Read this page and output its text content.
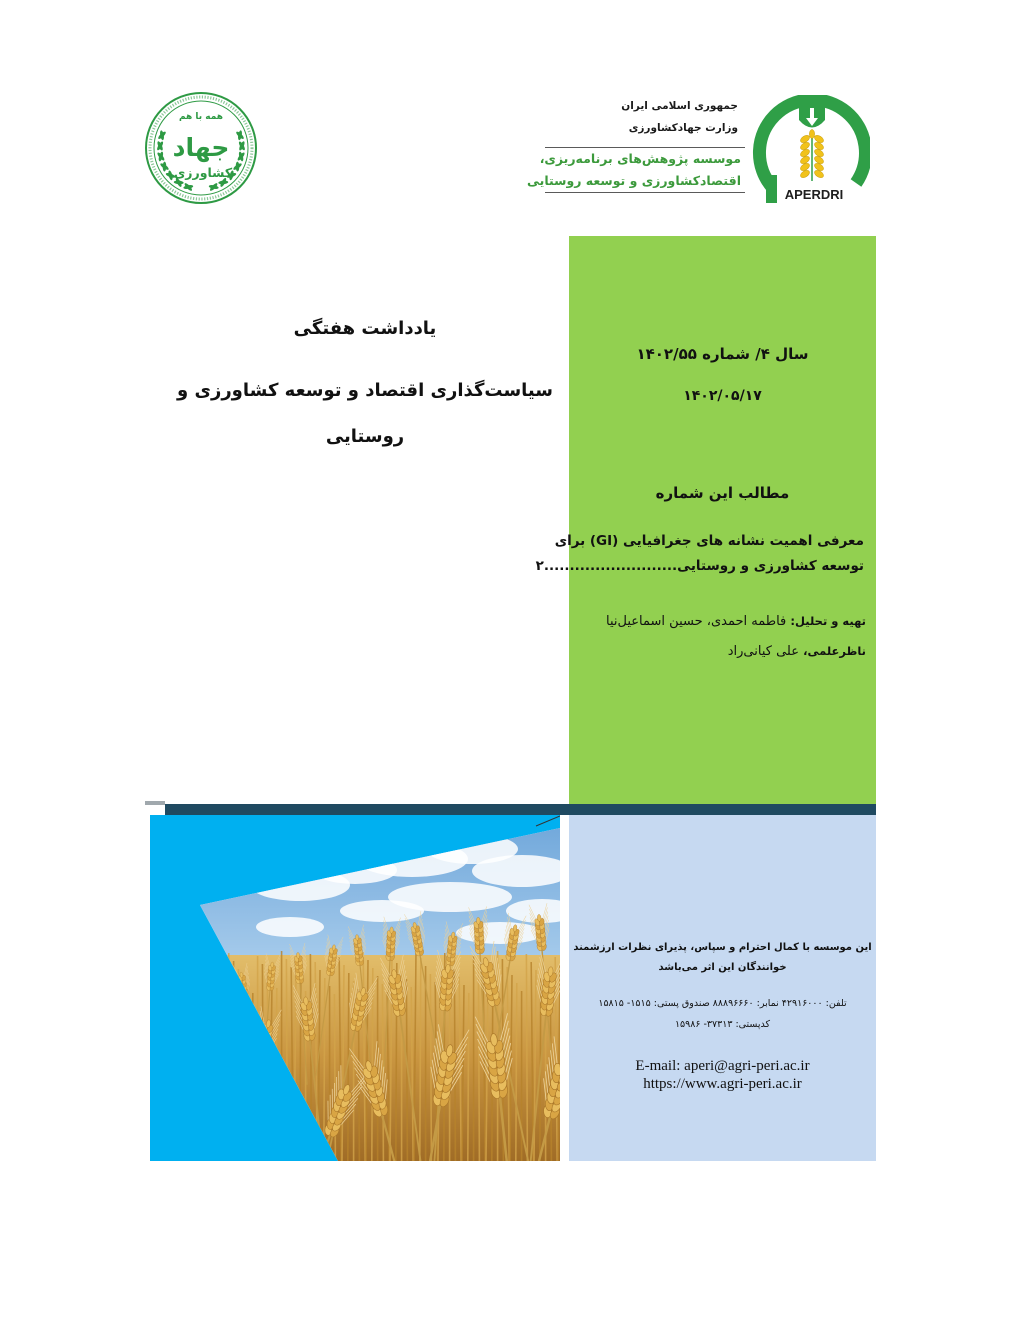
همه با هم
جهاد
کشاورزی
جمهوری اسلامی ایران
وزارت جهادکشاورزی
موسسه پژوهش‌های برنامه‌ریزی،
اقتصادکشاورزی و توسعه روستایی
APERDRI
یادداشت هفتگی
سیاست‌گذاری اقتصاد و توسعه کشاورزی و
روستایی
سال ۴/ شماره ۱۴۰۲/۵۵
۱۴۰۲/۰۵/۱۷
مطالب این شماره
معرفی اهمیت نشانه های جغرافیایی (GI) برای
توسعه کشاورزی و روستایی..........................۲
تهیه و تحلیل: فاطمه احمدی، حسین اسماعیل‌نیا
ناظرعلمی، علی کیانی‌راد
این موسسه با کمال احترام و سپاس، پذیرای نظرات ارزشمند
خوانندگان این اثر می‌باشد
تلفن: ۴۲۹۱۶۰۰۰ نمابر: ۸۸۸۹۶۶۶۰ صندوق پستی: ۱۵۱۵- ۱۵۸۱۵
کدپستی: ۳۷۳۱۳- ۱۵۹۸۶
E-mail: aperi@agri-peri.ac.ir
https://www.agri-peri.ac.ir
